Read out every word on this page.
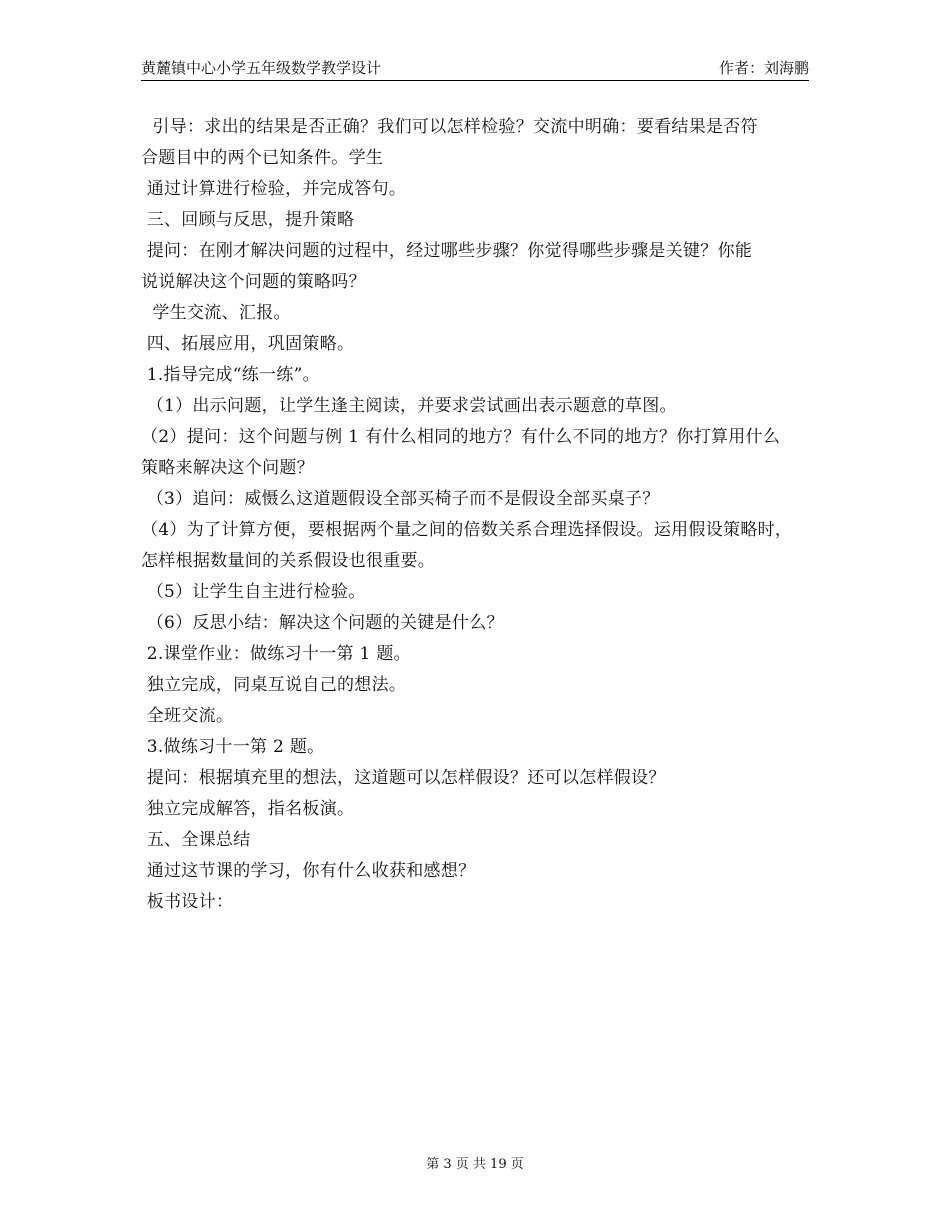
黄麓镇中心小学五年级数学教学设计	作者：刘海鹏
引导：求出的结果是否正确？我们可以怎样检验？交流中明确：要看结果是否符
合题目中的两个已知条件。学生
通过计算进行检验，并完成答句。
三、回顾与反思，提升策略
提问：在刚才解决问题的过程中，经过哪些步骤？你觉得哪些步骤是关键？你能
说说解决这个问题的策略吗？
学生交流、汇报。
四、拓展应用，巩固策略。
1.指导完成“练一练”。
（1）出示问题，让学生逢主阅读，并要求尝试画出表示题意的草图。
（2）提问：这个问题与例 1 有什么相同的地方？有什么不同的地方？你打算用什么
策略来解决这个问题？
（3）追问：威慑么这道题假设全部买椅子而不是假设全部买桌子？
（4）为了计算方便，要根据两个量之间的倍数关系合理选择假设。运用假设策略时，
怎样根据数量间的关系假设也很重要。
（5）让学生自主进行检验。
（6）反思小结：解决这个问题的关键是什么？
2.课堂作业：做练习十一第 1 题。
独立完成，同桌互说自己的想法。
全班交流。
3.做练习十一第 2 题。
提问：根据填充里的想法，这道题可以怎样假设？还可以怎样假设？
独立完成解答，指名板演。
五、全课总结
通过这节课的学习，你有什么收获和感想？
板书设计：
第 3 页 共 19 页
